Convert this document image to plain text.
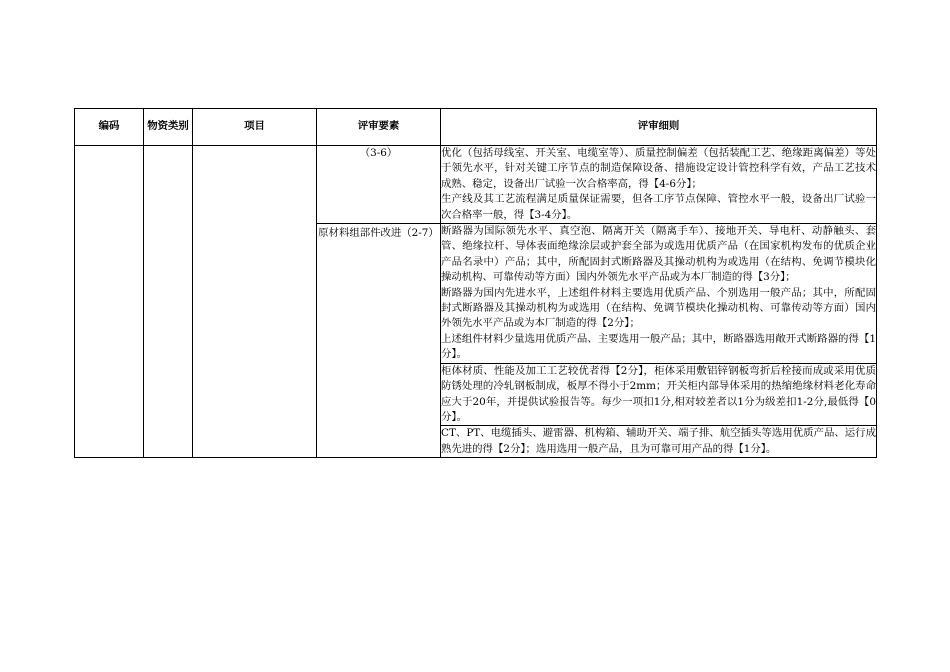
编码	物资类别	项目	评审要素	评审细则
			（3-6）	优化（包括母线室、开关室、电缆室等）、质量控制偏差（包括装配工艺、绝缘距离偏差）等处于领先水平，针对关键工序节点的制造保障设备、措施设定设计管控科学有效，产品工艺技术成熟、稳定，设备出厂试验一次合格率高，得【4-6分】；
生产线及其工艺流程满足质量保证需要，但各工序节点保障、管控水平一般，设备出厂试验一次合格率一般，得【3-4分】。

			原材料组部件改进（2-7）	断路器为国际领先水平、真空泡、隔离开关（隔离手车）、接地开关、导电杆、动静触头、套管、绝缘拉杆、导体表面绝缘涂层或护套全部为或选用优质产品（在国家机构发布的优质企业产品名录中）产品；其中，所配固封式断路器及其操动机构为或选用（在结构、免调节模块化操动机构、可靠传动等方面）国内外领先水平产品或为本厂制造的得【3分】；
断路器为国内先进水平，上述组件材料主要选用优质产品、个别选用一般产品；其中，所配固封式断路器及其操动机构为或选用（在结构、免调节模块化操动机构、可靠传动等方面）国内外领先水平产品或为本厂制造的得【2分】；
上述组件材料少量选用优质产品、主要选用一般产品；其中，断路器选用敞开式断路器的得【1分】。

				柜体材质、性能及加工工艺较优者得【2分】，柜体采用敷铝锌钢板弯折后栓接而成或采用优质防锈处理的冷轧钢板制成，板厚不得小于2mm；开关柜内部导体采用的热缩绝缘材料老化寿命应大于20年，并提供试验报告等。每少一项扣1分,相对较差者以1分为级差扣1-2分,最低得【0分】。

				CT、PT、电缆插头、避雷器、机构箱、辅助开关、端子排、航空插头等选用优质产品、运行成熟先进的得【2分】；选用选用一般产品，且为可靠可用产品的得【1分】。
